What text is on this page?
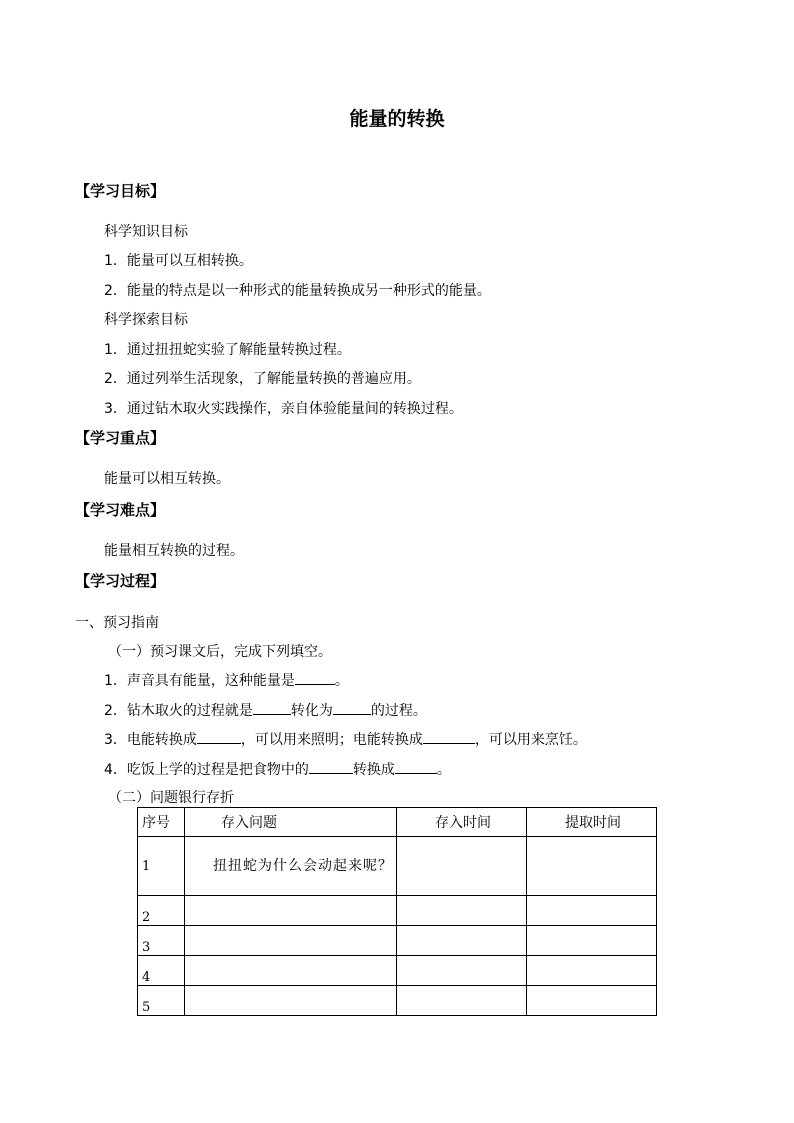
能量的转换
【学习目标】
科学知识目标
1．能量可以互相转换。
2．能量的特点是以一种形式的能量转换成另一种形式的能量。
科学探索目标
1．通过扭扭蛇实验了解能量转换过程。
2．通过列举生活现象，了解能量转换的普遍应用。
3．通过钻木取火实践操作，亲自体验能量间的转换过程。
【学习重点】
能量可以相互转换。
【学习难点】
能量相互转换的过程。
【学习过程】
一、预习指南
（一）预习课文后，完成下列填空。
1．声音具有能量，这种能量是	。
2．钻木取火的过程就是	转化为	的过程。
3．电能转换成	，可以用来照明；电能转换成	，可以用来烹饪。
4．吃饭上学的过程是把食物中的	转换成	。
（二）问题银行存折
序号	存入问题	存入时间	提取时间
1	扭扭蛇为什么会动起来呢？		
2			
3			
4			
5			
